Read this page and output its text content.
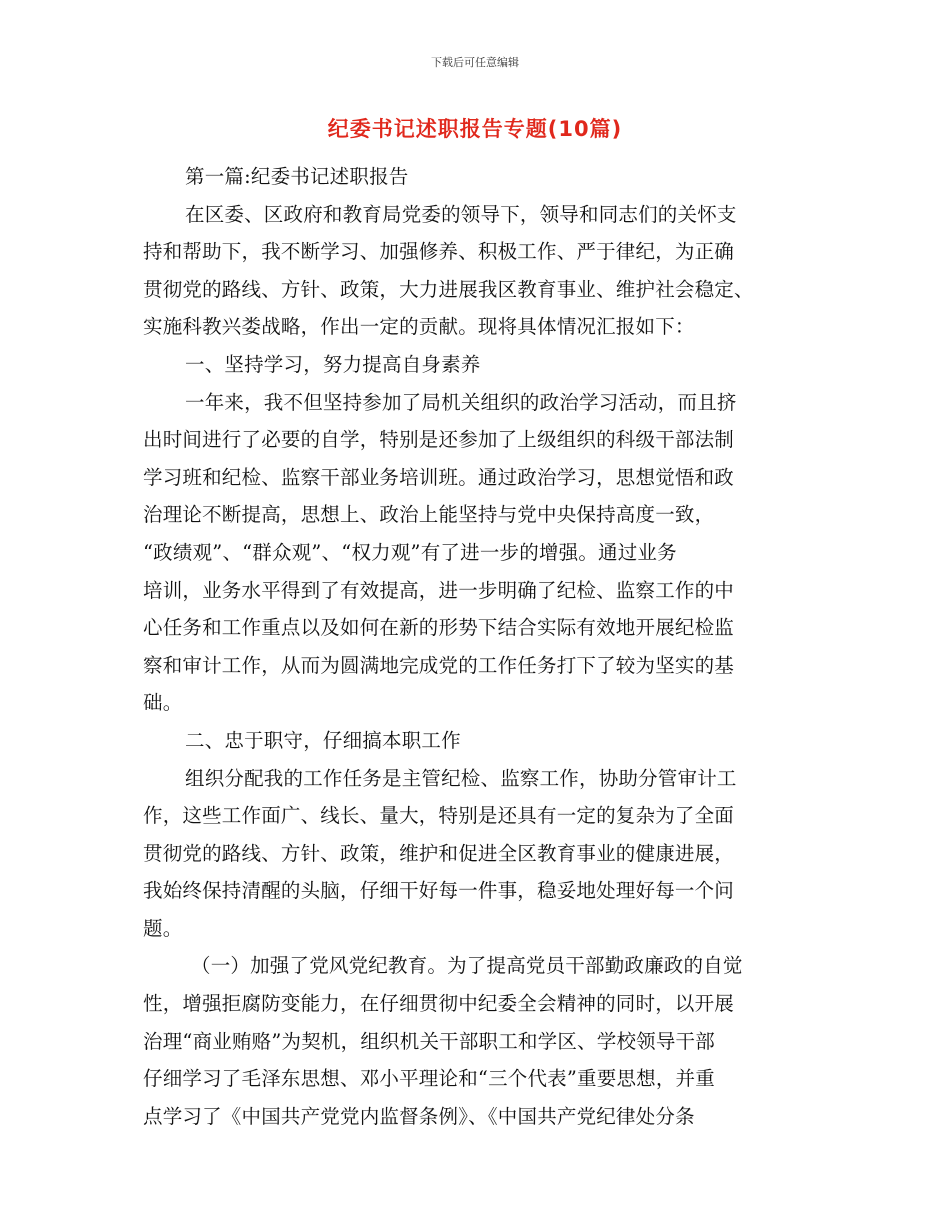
下载后可任意编辑
纪委书记述职报告专题(10篇)
第一篇:纪委书记述职报告
在区委、区政府和教育局党委的领导下，领导和同志们的关怀支
持和帮助下，我不断学习、加强修养、积极工作、严于律纪，为正确
贯彻党的路线、方针、政策，大力进展我区教育事业、维护社会稳定、
实施科教兴娄战略，作出一定的贡献。现将具体情况汇报如下：
一、坚持学习，努力提高自身素养
一年来，我不但坚持参加了局机关组织的政治学习活动，而且挤
出时间进行了必要的自学，特别是还参加了上级组织的科级干部法制
学习班和纪检、监察干部业务培训班。通过政治学习，思想觉悟和政
治理论不断提高，思想上、政治上能坚持与党中央保持高度一致，
“政绩观”、“群众观”、“权力观”有了进一步的增强。通过业务
培训，业务水平得到了有效提高，进一步明确了纪检、监察工作的中
心任务和工作重点以及如何在新的形势下结合实际有效地开展纪检监
察和审计工作，从而为圆满地完成党的工作任务打下了较为坚实的基
础。
二、忠于职守，仔细搞本职工作
组织分配我的工作任务是主管纪检、监察工作，协助分管审计工
作，这些工作面广、线长、量大，特别是还具有一定的复杂为了全面
贯彻党的路线、方针、政策，维护和促进全区教育事业的健康进展，
我始终保持清醒的头脑，仔细干好每一件事，稳妥地处理好每一个问
题。
（一）加强了党风党纪教育。为了提高党员干部勤政廉政的自觉
性，增强拒腐防变能力，在仔细贯彻中纪委全会精神的同时，以开展
治理“商业贿赂”为契机，组织机关干部职工和学区、学校领导干部
仔细学习了毛泽东思想、邓小平理论和“三个代表”重要思想，并重
点学习了《中国共产党党内监督条例》、《中国共产党纪律处分条
